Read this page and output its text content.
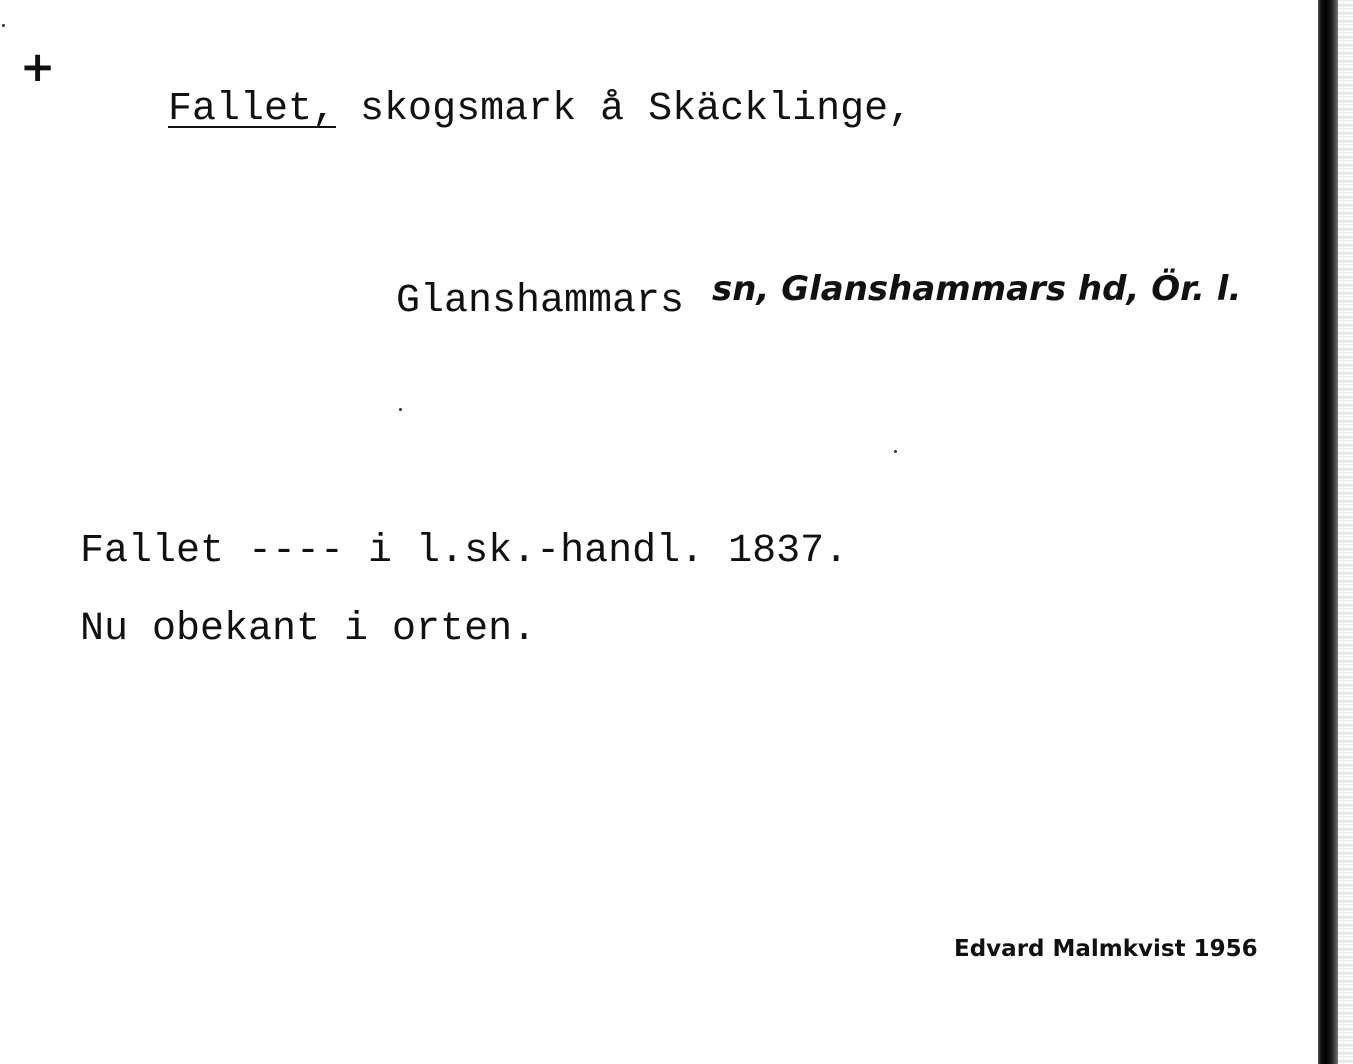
+

Fallet, skogsmark å Skäcklinge,

Glanshammars sn, Glanshammars hd, Ör. l.
Fallet ---- i l.sk.-handl. 1837.
Nu obekant i orten.
Edvard Malmkvist 1956
